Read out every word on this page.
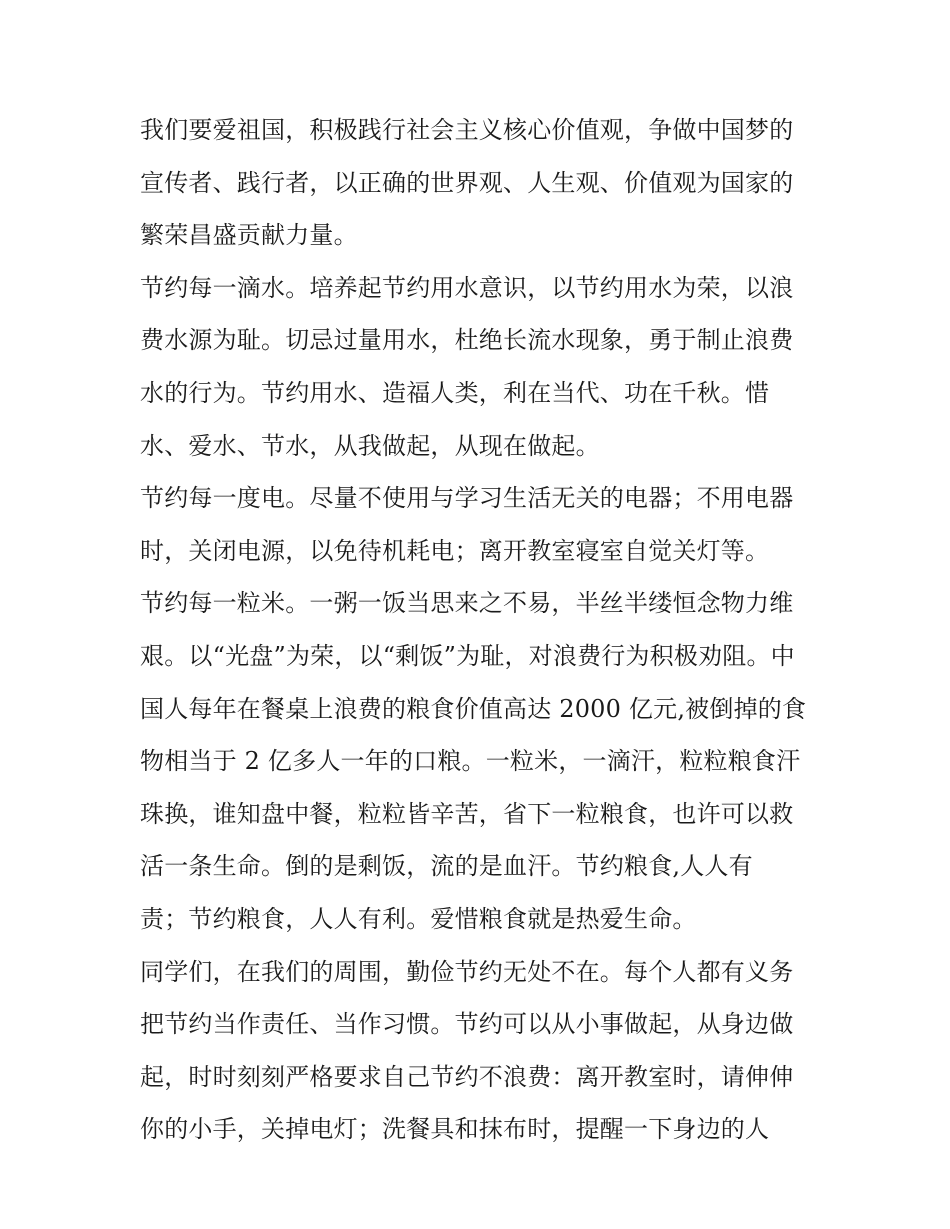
我们要爱祖国，积极践行社会主义核心价值观，争做中国梦的
宣传者、践行者，以正确的世界观、人生观、价值观为国家的
繁荣昌盛贡献力量。
节约每一滴水。培养起节约用水意识，以节约用水为荣，以浪
费水源为耻。切忌过量用水，杜绝长流水现象，勇于制止浪费
水的行为。节约用水、造福人类，利在当代、功在千秋。惜
水、爱水、节水，从我做起，从现在做起。
节约每一度电。尽量不使用与学习生活无关的电器；不用电器
时，关闭电源，以免待机耗电；离开教室寝室自觉关灯等。
节约每一粒米。一粥一饭当思来之不易，半丝半缕恒念物力维
艰。以“光盘”为荣，以“剩饭”为耻，对浪费行为积极劝阻。中
国人每年在餐桌上浪费的粮食价值高达 2000 亿元,被倒掉的食
物相当于 2 亿多人一年的口粮。一粒米，一滴汗，粒粒粮食汗
珠换，谁知盘中餐，粒粒皆辛苦，省下一粒粮食，也许可以救
活一条生命。倒的是剩饭，流的是血汗。节约粮食,人人有
责；节约粮食，人人有利。爱惜粮食就是热爱生命。
同学们，在我们的周围，勤俭节约无处不在。每个人都有义务
把节约当作责任、当作习惯。节约可以从小事做起，从身边做
起，时时刻刻严格要求自己节约不浪费：离开教室时，请伸伸
你的小手，关掉电灯；洗餐具和抹布时，提醒一下身边的人
